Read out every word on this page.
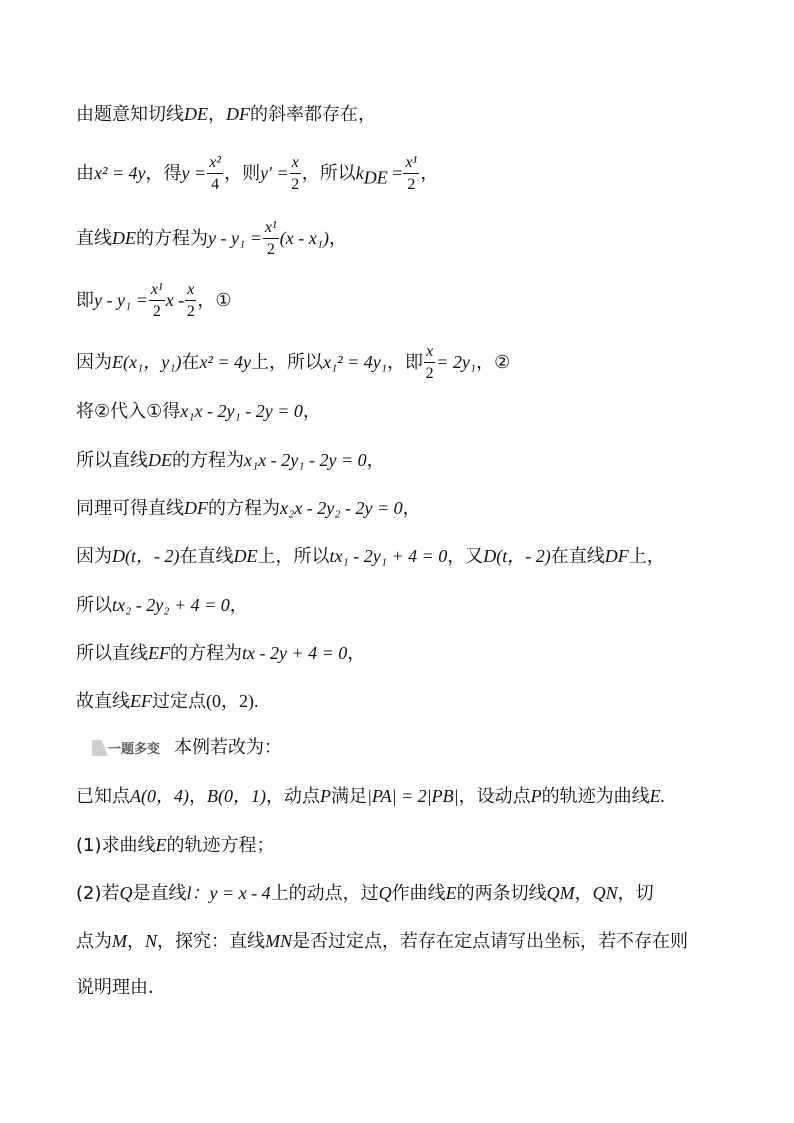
由题意知切线DE，DF的斜率都存在，
由x² = 4y，得$y = \frac{\text{x²}}{4}$ ，则$y' = \frac{x}{2}$ ，所以$k_{DE} = \frac{\text{x¹}}{2}$ ，
直线DE的方程为$y - y_1 = \frac{\text{x¹}}{2} (x - x_1)$，
即$y - y_1 = \frac{\text{x¹}}{2}$ x - $\frac{x}{2}$ ，①
因为E(x₁，y₁)在x² = 4y上，所以x₁² = 4y₁，即 $\frac{x}{2} = 2y_1$，②
将②代入①得x₁x - 2y₁ - 2y = 0，
所以直线DE的方程为x₁x - 2y₁ - 2y = 0，
同理可得直线DF的方程为x₂x - 2y₂ - 2y = 0，
因为D(t，- 2)在直线DE上，所以tx₁ - 2y₁ + 4 = 0，又D(t，- 2)在直线DF上，
所以tx₂ - 2y₂ + 4 = 0，
所以直线EF的方程为tx - 2y + 4 = 0，
故直线EF过定点(0，2).
一题多变 本例若改为：
已知点A(0，4)，B(0，1)，动点P满足|PA| = 2|PB|，设动点P的轨迹为曲线E.
(1)求曲线E的轨迹方程；
(2)若Q是直线l：y = x - 4上的动点，过Q作曲线E的两条切线QM，QN，切
点为M，N，探究：直线MN是否过定点，若存在定点请写出坐标，若不存在则
说明理由．
